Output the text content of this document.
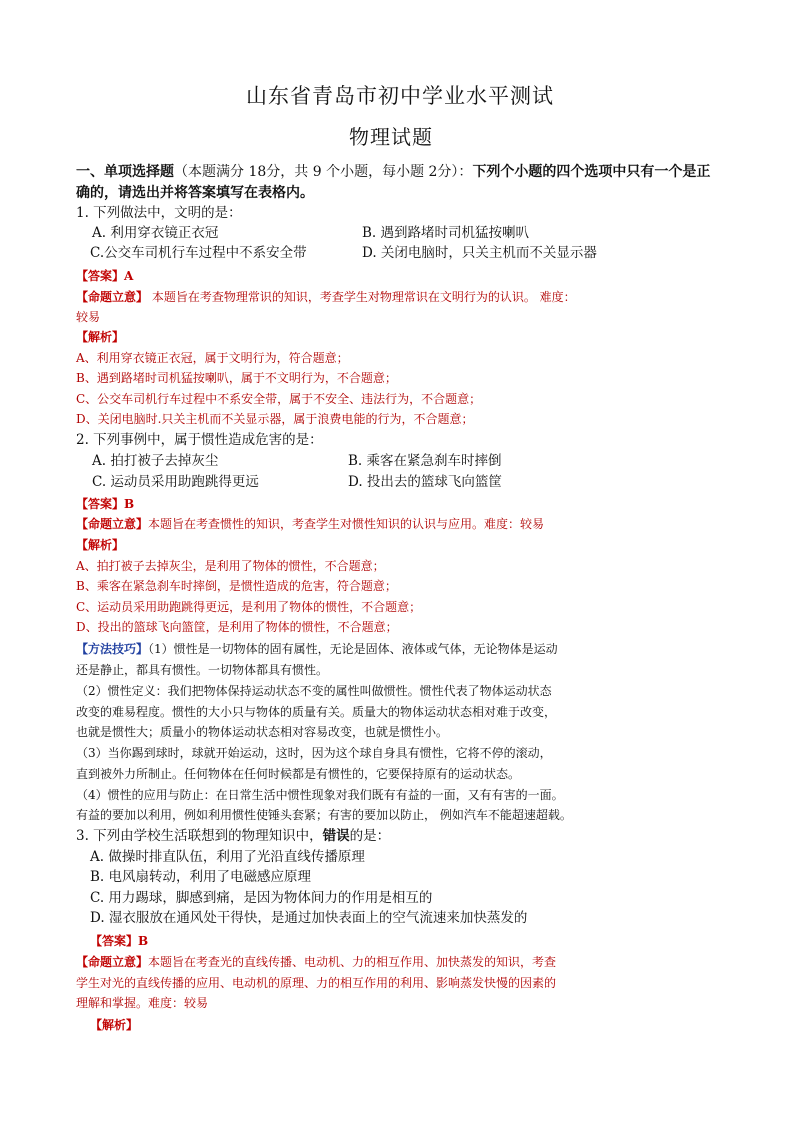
山东省青岛市初中学业水平测试
物理试题
一、单项选择题（本题满分 18分，共 9 个小题，每小题 2分）：下列个小题的四个选项中只有一个是正
确的，请选出并将答案填写在表格内。
1. 下列做法中，文明的是：
A. 利用穿衣镜正衣冠	B. 遇到路堵时司机猛按喇叭
C.公交车司机行车过程中不系安全带	D. 关闭电脑时，只关主机而不关显示器
【答案】A
【命题立意】 本题旨在考查物理常识的知识，考查学生对物理常识在文明行为的认识。 难度：
较易
【解析】
A、利用穿衣镜正衣冠，属于文明行为，符合题意；
B、遇到路堵时司机猛按喇叭，属于不文明行为，不合题意；
C、公交车司机行车过程中不系安全带，属于不安全、违法行为，不合题意；
D、关闭电脑时.只关主机而不关显示器，属于浪费电能的行为，不合题意；
2. 下列事例中，属于惯性造成危害的是：
A. 拍打被子去掉灰尘	B. 乘客在紧急刹车时摔倒
C. 运动员采用助跑跳得更远	D. 投出去的篮球飞向篮筐
【答案】B
【命题立意】本题旨在考查惯性的知识，考查学生对惯性知识的认识与应用。难度：较易
【解析】
A、拍打被子去掉灰尘，是利用了物体的惯性，不合题意；
B、乘客在紧急刹车时摔倒，是惯性造成的危害，符合题意；
C、运动员采用助跑跳得更远，是利用了物体的惯性，不合题意；
D、投出的篮球飞向篮筐，是利用了物体的惯性，不合题意；
【方法技巧】（1）惯性是一切物体的固有属性，无论是固体、液体或气体，无论物体是运动
还是静止，都具有惯性。一切物体都具有惯性。
（2）惯性定义：我们把物体保持运动状态不变的属性叫做惯性。惯性代表了物体运动状态
改变的难易程度。惯性的大小只与物体的质量有关。质量大的物体运动状态相对难于改变，
也就是惯性大；质量小的物体运动状态相对容易改变，也就是惯性小。
（3）当你踢到球时，球就开始运动，这时，因为这个球自身具有惯性，它将不停的滚动，
直到被外力所制止。任何物体在任何时候都是有惯性的，它要保持原有的运动状态。
（4）惯性的应用与防止：在日常生活中惯性现象对我们既有有益的一面，又有有害的一面。
有益的要加以利用，例如利用惯性使锤头套紧；有害的要加以防止， 例如汽车不能超速超载。
3. 下列由学校生活联想到的物理知识中，错误的是：
A. 做操时排直队伍，利用了光沿直线传播原理
B. 电风扇转动，利用了电磁感应原理
C. 用力踢球，脚感到痛，是因为物体间力的作用是相互的
D. 湿衣服放在通风处干得快，是通过加快表面上的空气流速来加快蒸发的
【答案】B
【命题立意】本题旨在考查光的直线传播、电动机、力的相互作用、加快蒸发的知识，考查
学生对光的直线传播的应用、电动机的原理、力的相互作用的利用、影响蒸发快慢的因素的
理解和掌握。难度：较易
【解析】
